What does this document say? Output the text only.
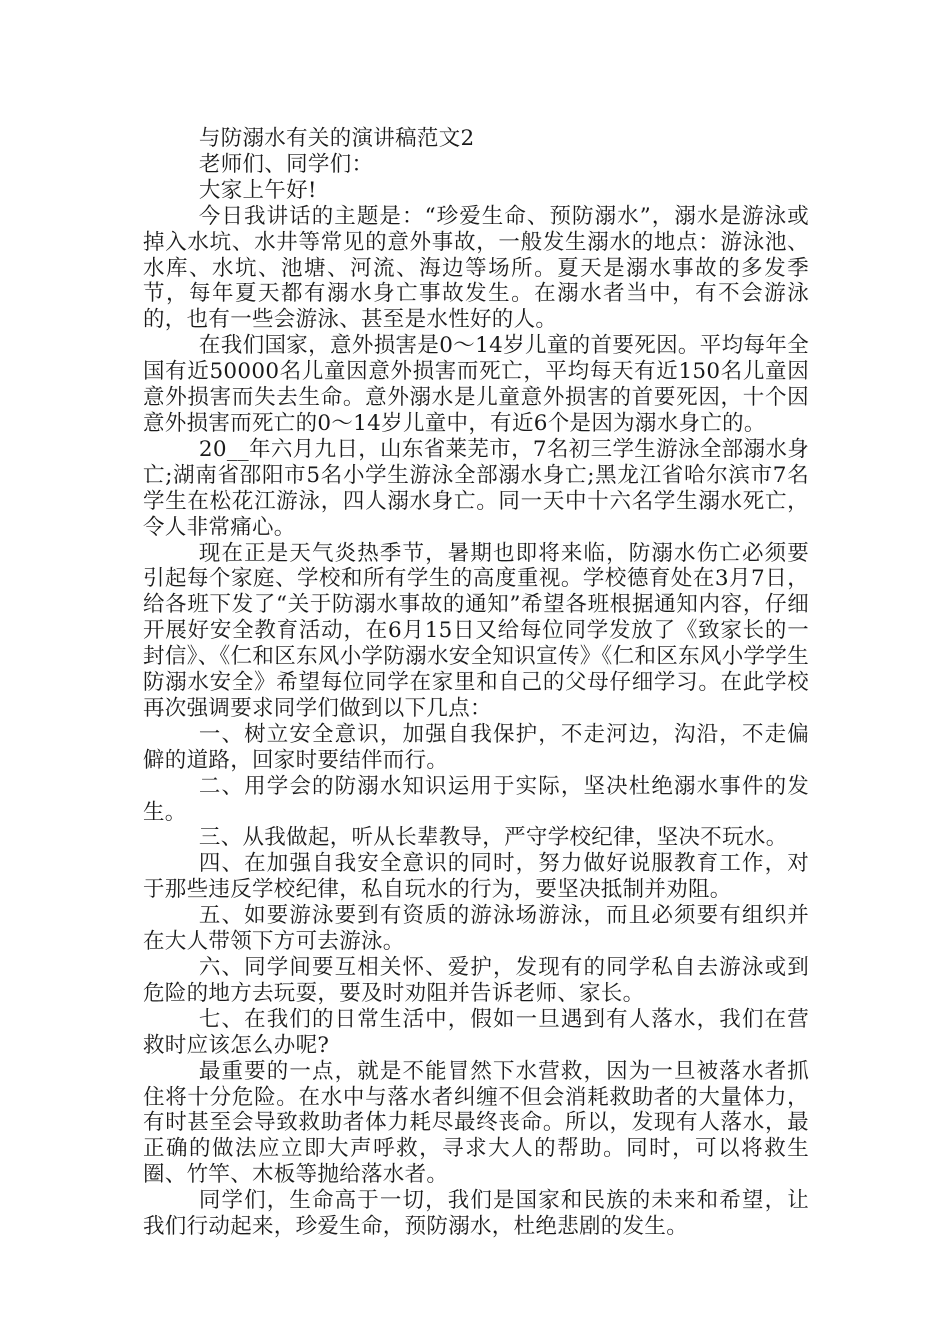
与防溺水有关的演讲稿范文2

老师们、同学们：

大家上午好!

今日我讲话的主题是：“珍爱生命、预防溺水”，溺水是游泳或掉入水坑、水井等常见的意外事故，一般发生溺水的地点：游泳池、水库、水坑、池塘、河流、海边等场所。夏天是溺水事故的多发季节，每年夏天都有溺水身亡事故发生。在溺水者当中，有不会游泳的，也有一些会游泳、甚至是水性好的人。

在我们国家，意外损害是0～14岁儿童的首要死因。平均每年全国有近50000名儿童因意外损害而死亡，平均每天有近150名儿童因意外损害而失去生命。意外溺水是儿童意外损害的首要死因，十个因意外损害而死亡的0～14岁儿童中，有近6个是因为溺水身亡的。

20__年六月九日，山东省莱芜市，7名初三学生游泳全部溺水身亡;湖南省邵阳市5名小学生游泳全部溺水身亡;黑龙江省哈尔滨市7名学生在松花江游泳，四人溺水身亡。同一天中十六名学生溺水死亡，令人非常痛心。

现在正是天气炎热季节，暑期也即将来临，防溺水伤亡必须要引起每个家庭、学校和所有学生的高度重视。学校德育处在3月7日，给各班下发了“关于防溺水事故的通知”希望各班根据通知内容，仔细开展好安全教育活动，在6月15日又给每位同学发放了《致家长的一封信》、《仁和区东风小学防溺水安全知识宣传》《仁和区东风小学学生防溺水安全》希望每位同学在家里和自己的父母仔细学习。在此学校再次强调要求同学们做到以下几点：

一、树立安全意识，加强自我保护，不走河边，沟沿，不走偏僻的道路，回家时要结伴而行。

二、用学会的防溺水知识运用于实际，坚决杜绝溺水事件的发生。

三、从我做起，听从长辈教导，严守学校纪律，坚决不玩水。

四、在加强自我安全意识的同时，努力做好说服教育工作，对于那些违反学校纪律，私自玩水的行为，要坚决抵制并劝阻。

五、如要游泳要到有资质的游泳场游泳，而且必须要有组织并在大人带领下方可去游泳。

六、同学间要互相关怀、爱护，发现有的同学私自去游泳或到危险的地方去玩耍，要及时劝阻并告诉老师、家长。

七、在我们的日常生活中，假如一旦遇到有人落水，我们在营救时应该怎么办呢?

最重要的一点，就是不能冒然下水营救，因为一旦被落水者抓住将十分危险。在水中与落水者纠缠不但会消耗救助者的大量体力，有时甚至会导致救助者体力耗尽最终丧命。所以，发现有人落水，最正确的做法应立即大声呼救，寻求大人的帮助。同时，可以将救生圈、竹竿、木板等抛给落水者。

同学们，生命高于一切，我们是国家和民族的未来和希望，让我们行动起来，珍爱生命，预防溺水，杜绝悲剧的发生。
